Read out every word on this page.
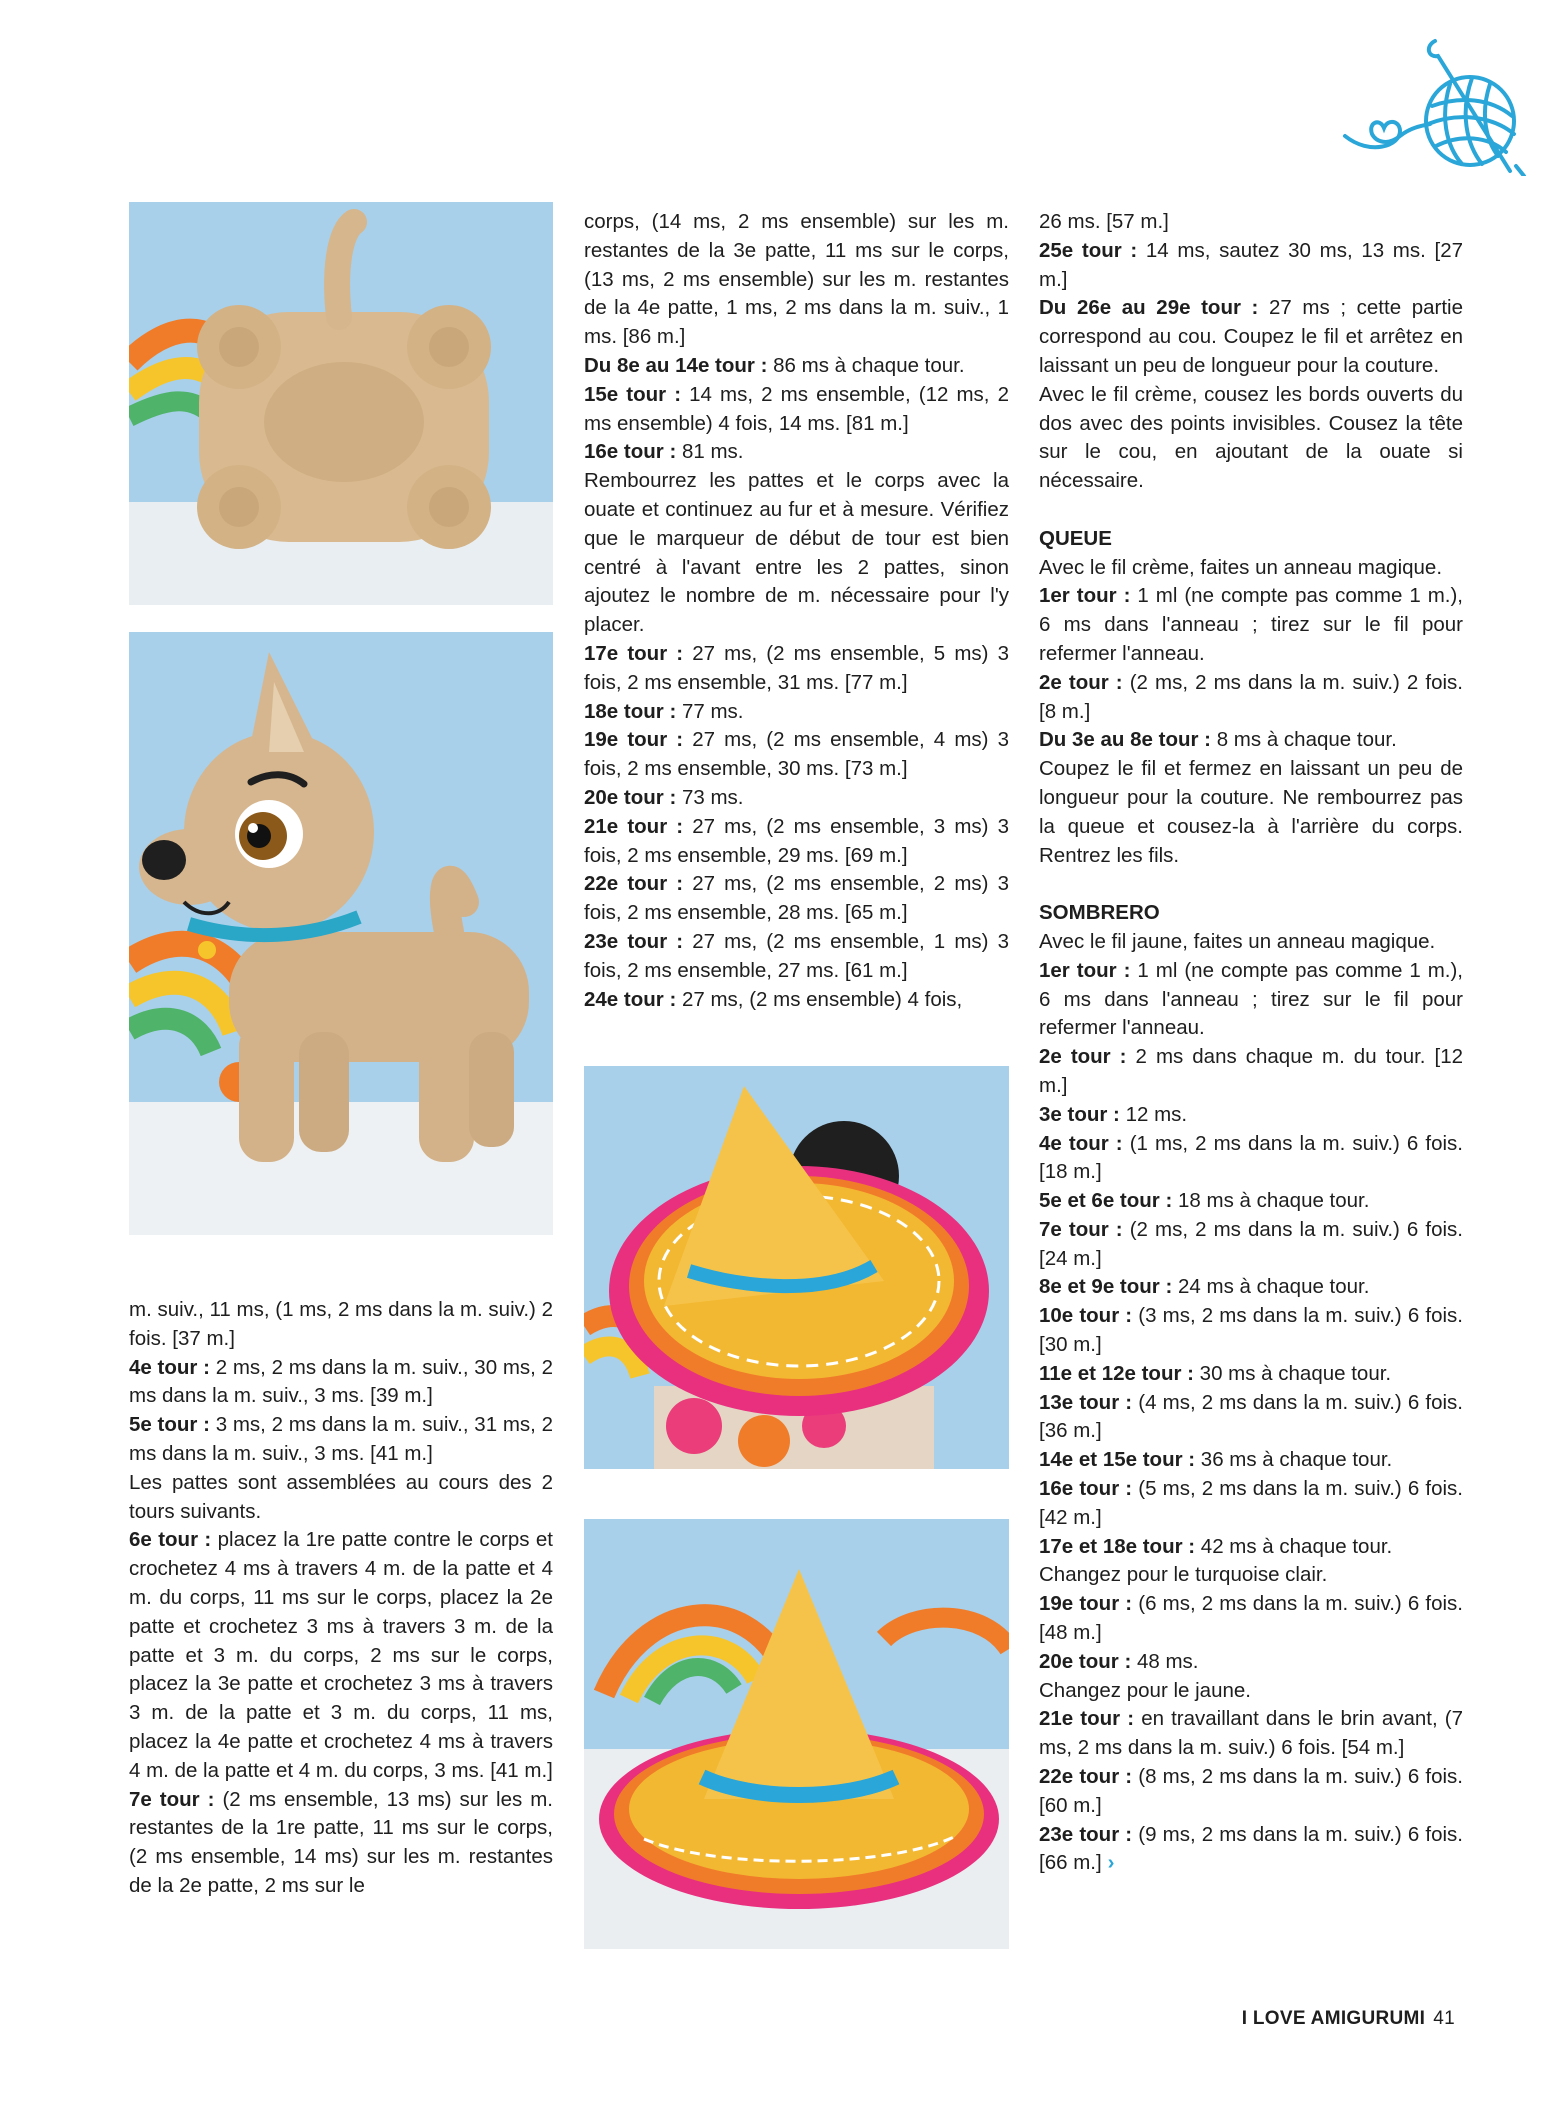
m. suiv., 11 ms, (1 ms, 2 ms dans la m. suiv.) 2 fois. [37 m.]

4e tour : 2 ms, 2 ms dans la m. suiv., 30 ms, 2 ms dans la m. suiv., 3 ms. [39 m.]

5e tour : 3 ms, 2 ms dans la m. suiv., 31 ms, 2 ms dans la m. suiv., 3 ms. [41 m.]

Les pattes sont assemblées au cours des 2 tours suivants.

6e tour : placez la 1re patte contre le corps et crochetez 4 ms à travers 4 m. de la patte et 4 m. du corps, 11 ms sur le corps, placez la 2e patte et crochetez 3 ms à travers 3 m. de la patte et 3 m. du corps, 2 ms sur le corps, placez la 3e patte et crochetez 3 ms à travers 3 m. de la patte et 3 m. du corps, 11 ms, placez la 4e patte et crochetez 4 ms à travers 4 m. de la patte et 4 m. du corps, 3 ms. [41 m.]

7e tour : (2 ms ensemble, 13 ms) sur les m. restantes de la 1re patte, 11 ms sur le corps, (2 ms ensemble, 14 ms) sur les m. restantes de la 2e patte, 2 ms sur le

corps, (14 ms, 2 ms ensemble) sur les m. restantes de la 3e patte, 11 ms sur le corps, (13 ms, 2 ms ensemble) sur les m. restantes de la 4e patte, 1 ms, 2 ms dans la m. suiv., 1 ms. [86 m.]

Du 8e au 14e tour : 86 ms à chaque tour.

15e tour : 14 ms, 2 ms ensemble, (12 ms, 2 ms ensemble) 4 fois, 14 ms. [81 m.]

16e tour : 81 ms.

Rembourrez les pattes et le corps avec la ouate et continuez au fur et à mesure. Vérifiez que le marqueur de début de tour est bien centré à l'avant entre les 2 pattes, sinon ajoutez le nombre de m. nécessaire pour l'y placer.

17e tour : 27 ms, (2 ms ensemble, 5 ms) 3 fois, 2 ms ensemble, 31 ms. [77 m.]

18e tour : 77 ms.

19e tour : 27 ms, (2 ms ensemble, 4 ms) 3 fois, 2 ms ensemble, 30 ms. [73 m.]

20e tour : 73 ms.

21e tour : 27 ms, (2 ms ensemble, 3 ms) 3 fois, 2 ms ensemble, 29 ms. [69 m.]

22e tour : 27 ms, (2 ms ensemble, 2 ms) 3 fois, 2 ms ensemble, 28 ms. [65 m.]

23e tour : 27 ms, (2 ms ensemble, 1 ms) 3 fois, 2 ms ensemble, 27 ms. [61 m.]

24e tour : 27 ms, (2 ms ensemble) 4 fois,

26 ms. [57 m.]

25e tour : 14 ms, sautez 30 ms, 13 ms. [27 m.]

Du 26e au 29e tour : 27 ms ; cette partie correspond au cou. Coupez le fil et arrêtez en laissant un peu de longueur pour la couture.

Avec le fil crème, cousez les bords ouverts du dos avec des points invisibles. Cousez la tête sur le cou, en ajoutant de la ouate si nécessaire.

QUEUE

Avec le fil crème, faites un anneau magique.

1er tour : 1 ml (ne compte pas comme 1 m.), 6 ms dans l'anneau ; tirez sur le fil pour refermer l'anneau.

2e tour : (2 ms, 2 ms dans la m. suiv.) 2 fois. [8 m.]

Du 3e au 8e tour : 8 ms à chaque tour.

Coupez le fil et fermez en laissant un peu de longueur pour la couture. Ne rembourrez pas la queue et cousez-la à l'arrière du corps. Rentrez les fils.

SOMBRERO

Avec le fil jaune, faites un anneau magique.

1er tour : 1 ml (ne compte pas comme 1 m.), 6 ms dans l'anneau ; tirez sur le fil pour refermer l'anneau.

2e tour : 2 ms dans chaque m. du tour. [12 m.]

3e tour : 12 ms.

4e tour : (1 ms, 2 ms dans la m. suiv.) 6 fois. [18 m.]

5e et 6e tour : 18 ms à chaque tour.

7e tour : (2 ms, 2 ms dans la m. suiv.) 6 fois. [24 m.]

8e et 9e tour : 24 ms à chaque tour.

10e tour : (3 ms, 2 ms dans la m. suiv.) 6 fois. [30 m.]

11e et 12e tour : 30 ms à chaque tour.

13e tour : (4 ms, 2 ms dans la m. suiv.) 6 fois. [36 m.]

14e et 15e tour : 36 ms à chaque tour.

16e tour : (5 ms, 2 ms dans la m. suiv.) 6 fois. [42 m.]

17e et 18e tour : 42 ms à chaque tour.

Changez pour le turquoise clair.

19e tour : (6 ms, 2 ms dans la m. suiv.) 6 fois. [48 m.]

20e tour : 48 ms.

Changez pour le jaune.

21e tour : en travaillant dans le brin avant, (7 ms, 2 ms dans la m. suiv.) 6 fois. [54 m.]

22e tour : (8 ms, 2 ms dans la m. suiv.) 6 fois. [60 m.]

23e tour : (9 ms, 2 ms dans la m. suiv.) 6 fois. [66 m.] ›

I LOVE AMIGURUMI 41
